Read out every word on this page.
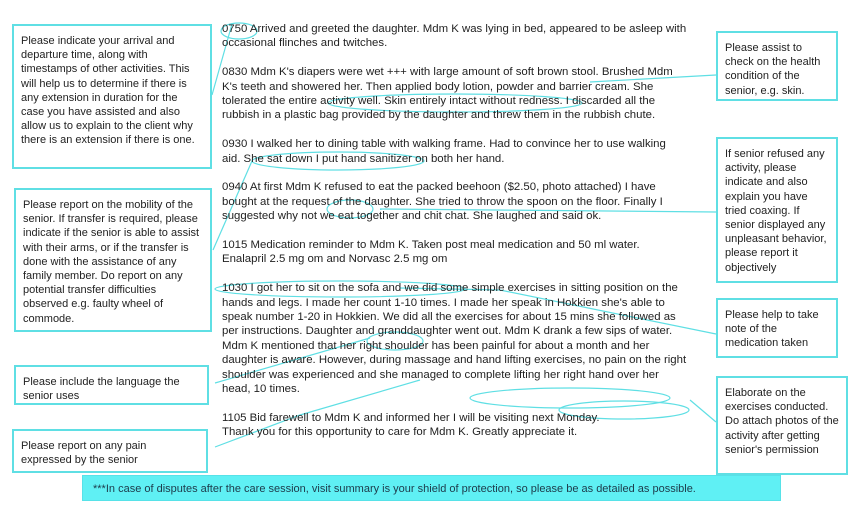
Please indicate your arrival and departure time, along with timestamps of other activities. This will help us to determine if there is any extension in duration for the case you have assisted and also allow us to explain to the client why there is an extension if there is one.
Please report on the mobility of the senior. If transfer is required, please indicate if the senior is able to assist with their arms, or if the transfer is done with the assistance of any family member. Do report on any potential transfer difficulties observed e.g. faulty wheel of commode.
Please include the language the senior uses
Please report on any pain expressed by the senior
Please assist to check on the health condition of the senior, e.g. skin.
If senior refused any activity, please indicate and also explain you have tried coaxing. If senior displayed any unpleasant behavior, please report it objectively
Please help to take note of the medication taken
Elaborate on the exercises conducted. Do attach photos of the activity after getting senior's permission

0750 Arrived and greeted the daughter. Mdm K was lying in bed, appeared to be asleep with
occasional flinches and twitches.

0830 Mdm K's diapers were wet +++ with large amount of soft brown stool. Brushed Mdm
K's teeth and showered her. Then applied body lotion, powder and barrier cream. She
tolerated the entire activity well. Skin entirely intact without redness. I discarded all the
rubbish in a plastic bag provided by the daughter and threw them in the rubbish chute.

0930 I walked her to dining table with walking frame. Had to convince her to use walking
aid. She sat down I put hand sanitizer on both her hand.

0940 At first Mdm K refused to eat the packed beehoon ($2.50, photo attached) I have
bought at the request of the daughter. She tried to throw the spoon on the floor. Finally I
suggested why not we eat together and chit chat. She laughed and said ok.

1015 Medication reminder to Mdm K. Taken post meal medication and 50 ml water.
Enalapril 2.5 mg om and Norvasc 2.5 mg om

1030 I got her to sit on the sofa and we did some simple exercises in sitting position on the
hands and legs. I made her count 1-10 times. I made her speak in Hokkien she's able to
speak number 1-20 in Hokkien. We did all the exercises for about 15 mins she followed as
per instructions. Daughter and granddaughter went out. Mdm K drank a few sips of water.
Mdm K mentioned that her right shoulder has been painful for about a month and her
daughter is aware. However, during massage and hand lifting exercises, no pain on the right
shoulder was experienced and she managed to complete lifting her right hand over her
head, 10 times.

1105 Bid farewell to Mdm K and informed her I will be visiting next Monday.
Thank you for this opportunity to care for Mdm K. Greatly appreciate it.

***In case of disputes after the care session, visit summary is your shield of protection, so please be as detailed as possible.
